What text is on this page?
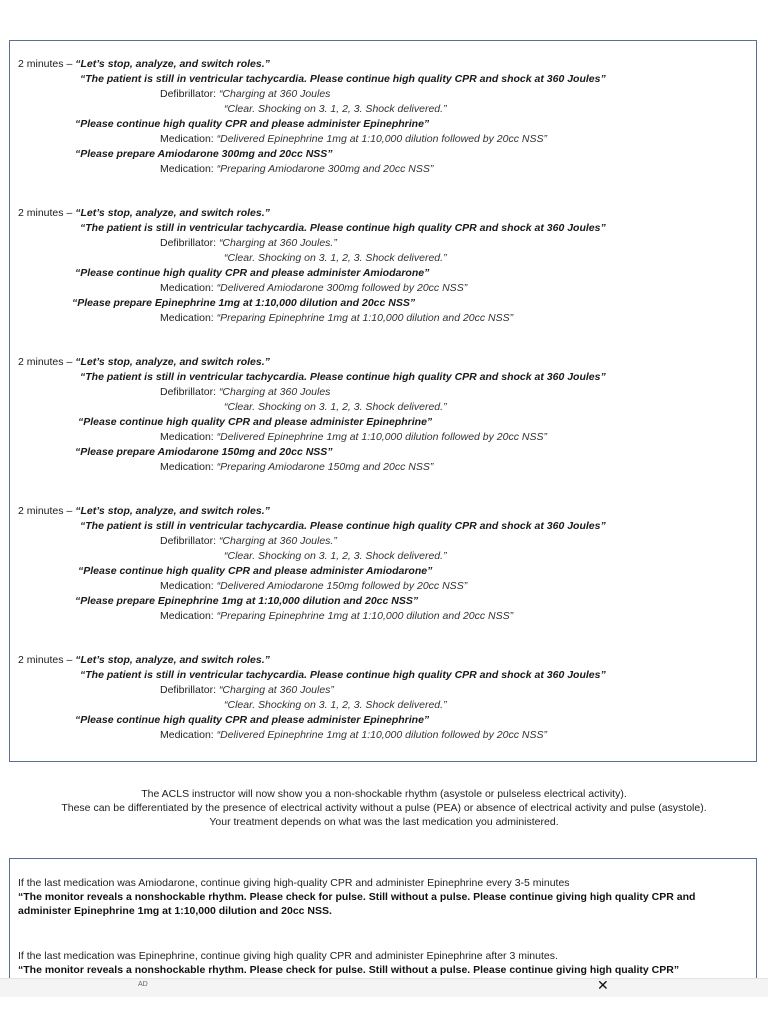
2 minutes – “Let’s stop, analyze, and switch roles.”
“The patient is still in ventricular tachycardia. Please continue high quality CPR and shock at 360 Joules”
Defibrillator: “Charging at 360 Joules
“Clear. Shocking on 3. 1, 2, 3. Shock delivered.”
“Please continue high quality CPR and please administer Epinephrine”
Medication: “Delivered Epinephrine 1mg at 1:10,000 dilution followed by 20cc NSS”
“Please prepare Amiodarone 300mg and 20cc NSS”
Medication: “Preparing Amiodarone 300mg and 20cc NSS”
2 minutes – “Let’s stop, analyze, and switch roles.”
“The patient is still in ventricular tachycardia. Please continue high quality CPR and shock at 360 Joules”
Defibrillator: “Charging at 360 Joules.”
“Clear. Shocking on 3. 1, 2, 3. Shock delivered.”
“Please continue high quality CPR and please administer Amiodarone”
Medication: “Delivered Amiodarone 300mg followed by 20cc NSS”
“Please prepare Epinephrine 1mg at 1:10,000 dilution and 20cc NSS”
Medication: “Preparing Epinephrine 1mg at 1:10,000 dilution and 20cc NSS”
2 minutes – “Let’s stop, analyze, and switch roles.”
“The patient is still in ventricular tachycardia. Please continue high quality CPR and shock at 360 Joules”
Defibrillator: “Charging at 360 Joules
“Clear. Shocking on 3. 1, 2, 3. Shock delivered.”
“Please continue high quality CPR and please administer Epinephrine”
Medication: “Delivered Epinephrine 1mg at 1:10,000 dilution followed by 20cc NSS”
“Please prepare Amiodarone 150mg and 20cc NSS”
Medication: “Preparing Amiodarone 150mg and 20cc NSS”
2 minutes – “Let’s stop, analyze, and switch roles.”
“The patient is still in ventricular tachycardia. Please continue high quality CPR and shock at 360 Joules”
Defibrillator: “Charging at 360 Joules.”
“Clear. Shocking on 3. 1, 2, 3. Shock delivered.”
“Please continue high quality CPR and please administer Amiodarone”
Medication: “Delivered Amiodarone 150mg followed by 20cc NSS”
“Please prepare Epinephrine 1mg at 1:10,000 dilution and 20cc NSS”
Medication: “Preparing Epinephrine 1mg at 1:10,000 dilution and 20cc NSS”
2 minutes – “Let’s stop, analyze, and switch roles.”
“The patient is still in ventricular tachycardia. Please continue high quality CPR and shock at 360 Joules”
Defibrillator: “Charging at 360 Joules”
“Clear. Shocking on 3. 1, 2, 3. Shock delivered.”
“Please continue high quality CPR and please administer Epinephrine”
Medication: “Delivered Epinephrine 1mg at 1:10,000 dilution followed by 20cc NSS”
The ACLS instructor will now show you a non-shockable rhythm (asystole or pulseless electrical activity).
These can be differentiated by the presence of electrical activity without a pulse (PEA) or absence of electrical activity and pulse (asystole).
Your treatment depends on what was the last medication you administered.
If the last medication was Amiodarone, continue giving high-quality CPR and administer Epinephrine every 3-5 minutes
“The monitor reveals a nonshockable rhythm. Please check for pulse. Still without a pulse. Please continue giving high quality CPR and
administer Epinephrine 1mg at 1:10,000 dilution and 20cc NSS.
If the last medication was Epinephrine, continue giving high quality CPR and administer Epinephrine after 3 minutes.
“The monitor reveals a nonshockable rhythm. Please check for pulse. Still without a pulse. Please continue giving high quality CPR”
AD	✕
